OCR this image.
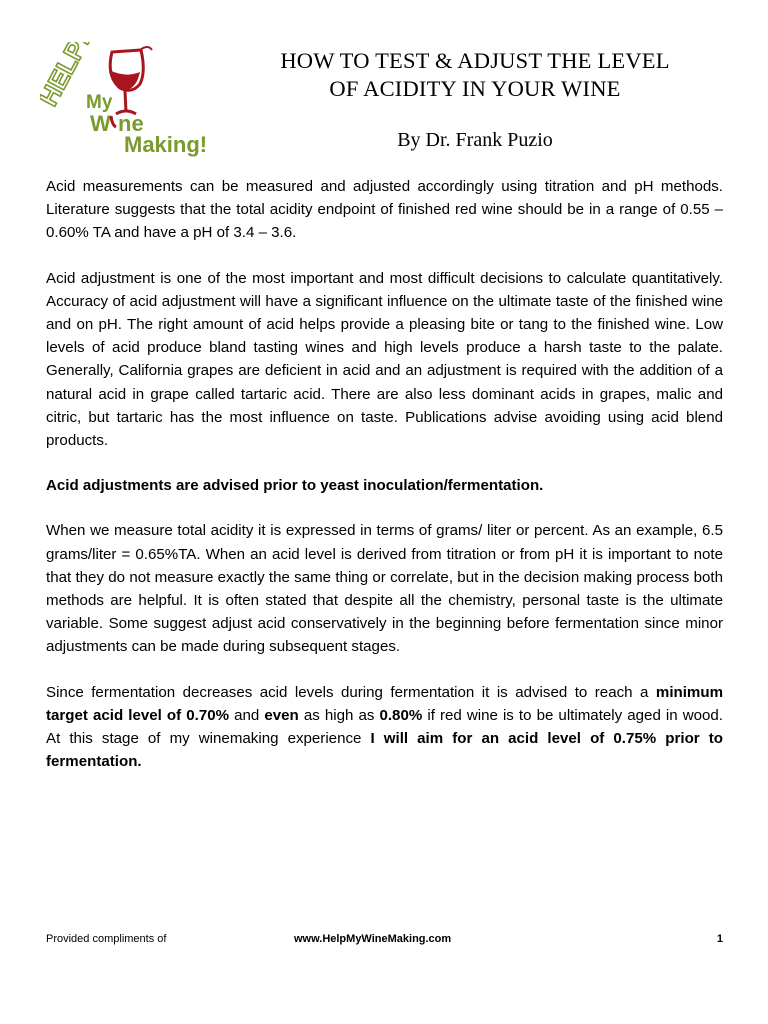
HELP!
My
W ne
Making!
HOW TO TEST & ADJUST THE LEVEL
OF ACIDITY IN YOUR WINE
By Dr. Frank Puzio

Acid measurements can be measured and adjusted accordingly using titration and pH methods. Literature suggests that the total acidity endpoint of finished red wine should be in a range of 0.55 – 0.60% TA and have a pH of 3.4 – 3.6.

Acid adjustment is one of the most important and most difficult decisions to calculate quantitatively. Accuracy of acid adjustment will have a significant influence on the ultimate taste of the finished wine and on pH. The right amount of acid helps provide a pleasing bite or tang to the finished wine. Low levels of acid produce bland tasting wines and high levels produce a harsh taste to the palate. Generally, California grapes are deficient in acid and an adjustment is required with the addition of a natural acid in grape called tartaric acid. There are also less dominant acids in grapes, malic and citric, but tartaric has the most influence on taste. Publications advise avoiding using acid blend products.

Acid adjustments are advised prior to yeast inoculation/fermentation.

When we measure total acidity it is expressed in terms of grams/ liter or percent. As an example, 6.5 grams/liter = 0.65%TA. When an acid level is derived from titration or from pH it is important to note that they do not measure exactly the same thing or correlate, but in the decision making process both methods are helpful. It is often stated that despite all the chemistry, personal taste is the ultimate variable. Some suggest adjust acid conservatively in the beginning before fermentation since minor adjustments can be made during subsequent stages.

Since fermentation decreases acid levels during fermentation it is advised to reach a minimum target acid level of 0.70% and even as high as 0.80% if red wine is to be ultimately aged in wood. At this stage of my winemaking experience I will aim for an acid level of 0.75% prior to fermentation.

Provided compliments of	www.HelpMyWineMaking.com	1
